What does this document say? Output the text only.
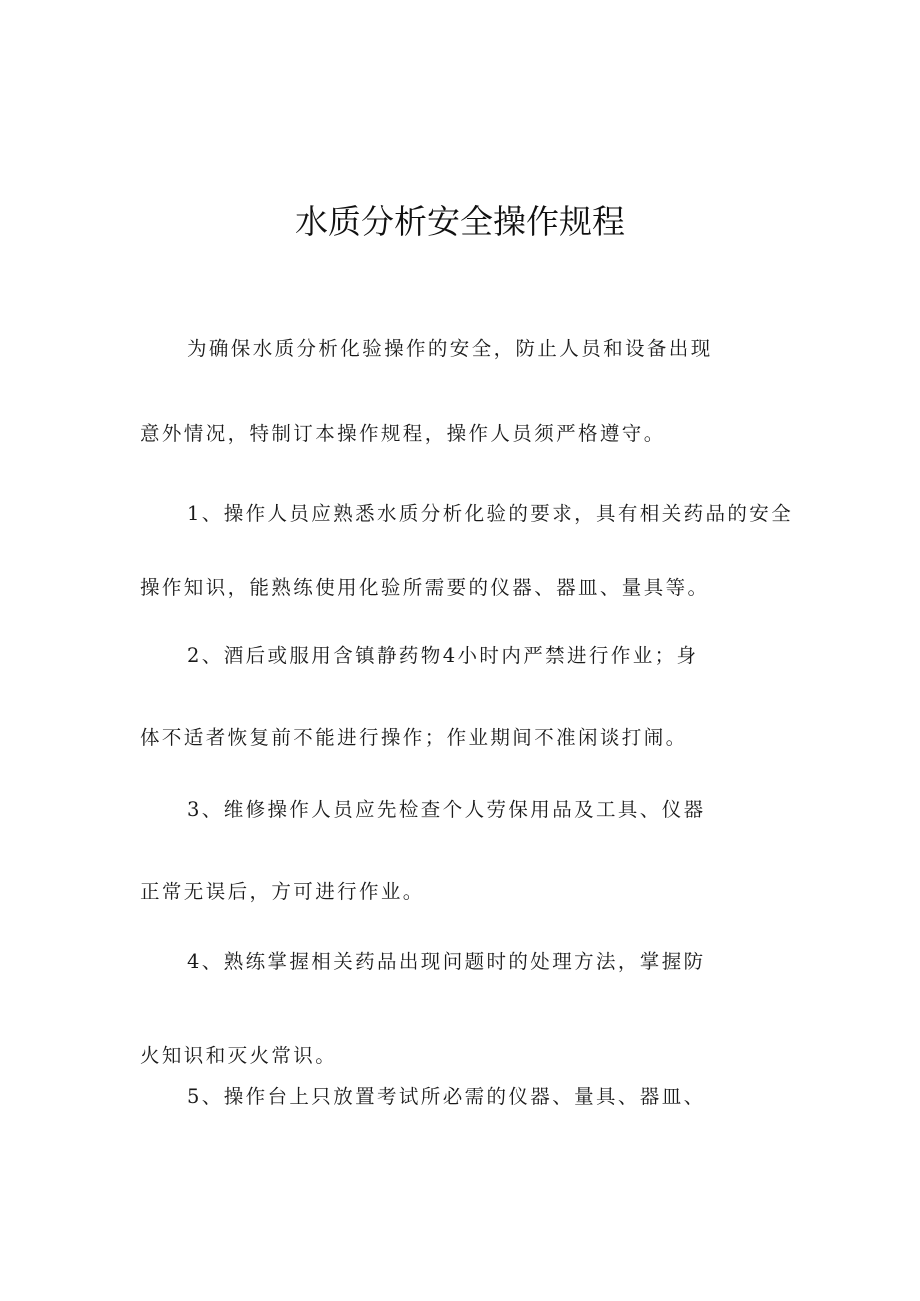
水质分析安全操作规程
为确保水质分析化验操作的安全，防止人员和设备出现
意外情况，特制订本操作规程，操作人员须严格遵守。
1、操作人员应熟悉水质分析化验的要求，具有相关药品的安全
操作知识，能熟练使用化验所需要的仪器、器皿、量具等。
2、酒后或服用含镇静药物4小时内严禁进行作业；身
体不适者恢复前不能进行操作；作业期间不准闲谈打闹。
3、维修操作人员应先检查个人劳保用品及工具、仪器
正常无误后，方可进行作业。
4、熟练掌握相关药品出现问题时的处理方法，掌握防
火知识和灭火常识。
5、操作台上只放置考试所必需的仪器、量具、器皿、
